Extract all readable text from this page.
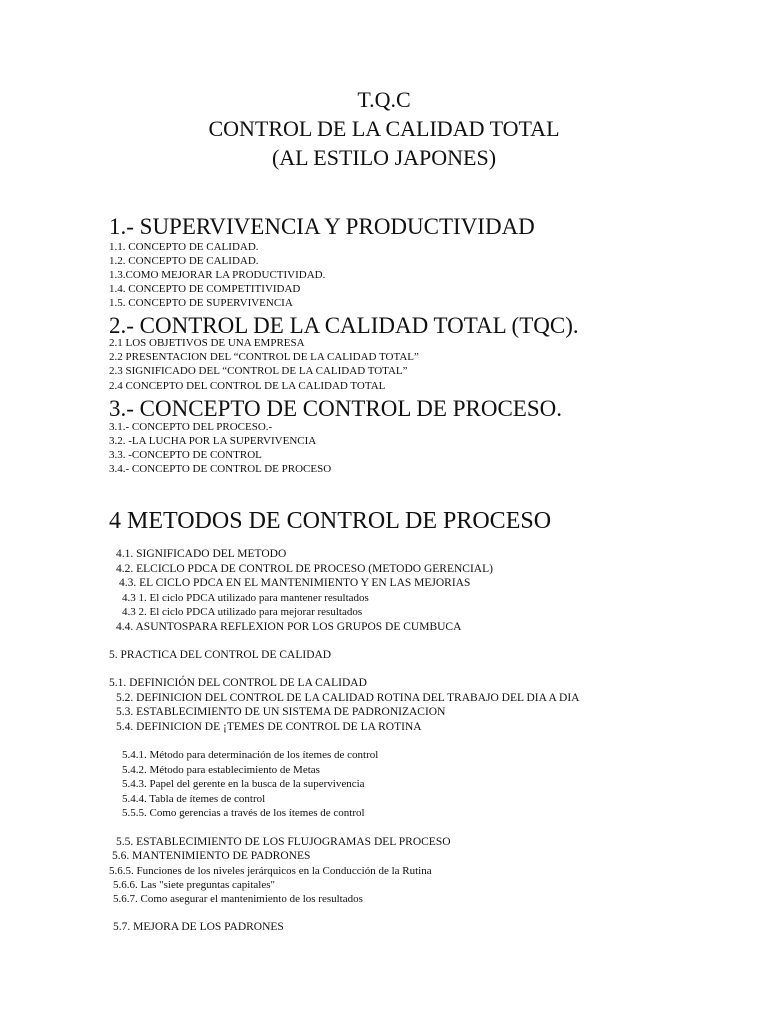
T.Q.C
CONTROL DE LA CALIDAD TOTAL
(AL ESTILO JAPONES)
1.- SUPERVIVENCIA Y PRODUCTIVIDAD
1.1. CONCEPTO DE CALIDAD.
1.2. CONCEPTO DE CALIDAD.
1.3.COMO MEJORAR LA PRODUCTIVIDAD.
1.4. CONCEPTO DE COMPETITIVIDAD
1.5. CONCEPTO DE SUPERVIVENCIA
2.- CONTROL DE LA CALIDAD TOTAL (TQC).
2.1 LOS OBJETIVOS DE UNA EMPRESA
2.2 PRESENTACION DEL “CONTROL DE LA CALIDAD TOTAL”
2.3 SIGNIFICADO DEL “CONTROL DE LA CALIDAD TOTAL”
2.4 CONCEPTO DEL CONTROL DE LA CALIDAD TOTAL
3.- CONCEPTO DE CONTROL DE PROCESO.
3.1.- CONCEPTO DEL PROCESO.-
3.2. -LA LUCHA POR LA SUPERVIVENCIA
3.3. -CONCEPTO DE CONTROL
3.4.- CONCEPTO DE CONTROL DE PROCESO
4 METODOS DE CONTROL DE PROCESO
4.1. SIGNIFICADO DEL METODO
4.2. ELCICLO PDCA DE CONTROL DE PROCESO (METODO GERENCIAL)
4.3. EL CICLO PDCA EN EL MANTENIMIENTO Y EN LAS MEJORIAS
4.3 1. El ciclo PDCA utilizado para mantener resultados
4.3 2. El ciclo PDCA utilizado para mejorar resultados
4.4. ASUNTOSPARA REFLEXION POR LOS GRUPOS DE CUMBUCA
5. PRACTICA DEL CONTROL DE CALIDAD
5.1. DEFINICIÓN DEL CONTROL DE LA CALIDAD
5.2. DEFINICION DEL CONTROL DE LA CALIDAD ROTINA DEL TRABAJO DEL DIA A DIA
5.3. ESTABLECIMIENTO DE UN SISTEMA DE PADRONIZACION
5.4. DEFINICION DE ¡TEMES DE CONTROL DE LA ROTINA
5.4.1. Método para determinación de los ítemes de control
5.4.2. Método para establecimiento de Metas
5.4.3. Papel del gerente en la busca de la supervivencia
5.4.4. Tabla de ítemes de control
5.5.5. Como gerencias a través de los ítemes de control
5.5. ESTABLECIMIENTO DE LOS FLUJOGRAMAS DEL PROCESO
5.6. MANTENIMIENTO DE PADRONES
5.6.5. Funciones de los niveles jerárquicos en la Conducción de la Rutina
5.6.6. Las "siete preguntas capitales"
5.6.7. Como asegurar el mantenimiento de los resultados
5.7. MEJORA DE LOS PADRONES
